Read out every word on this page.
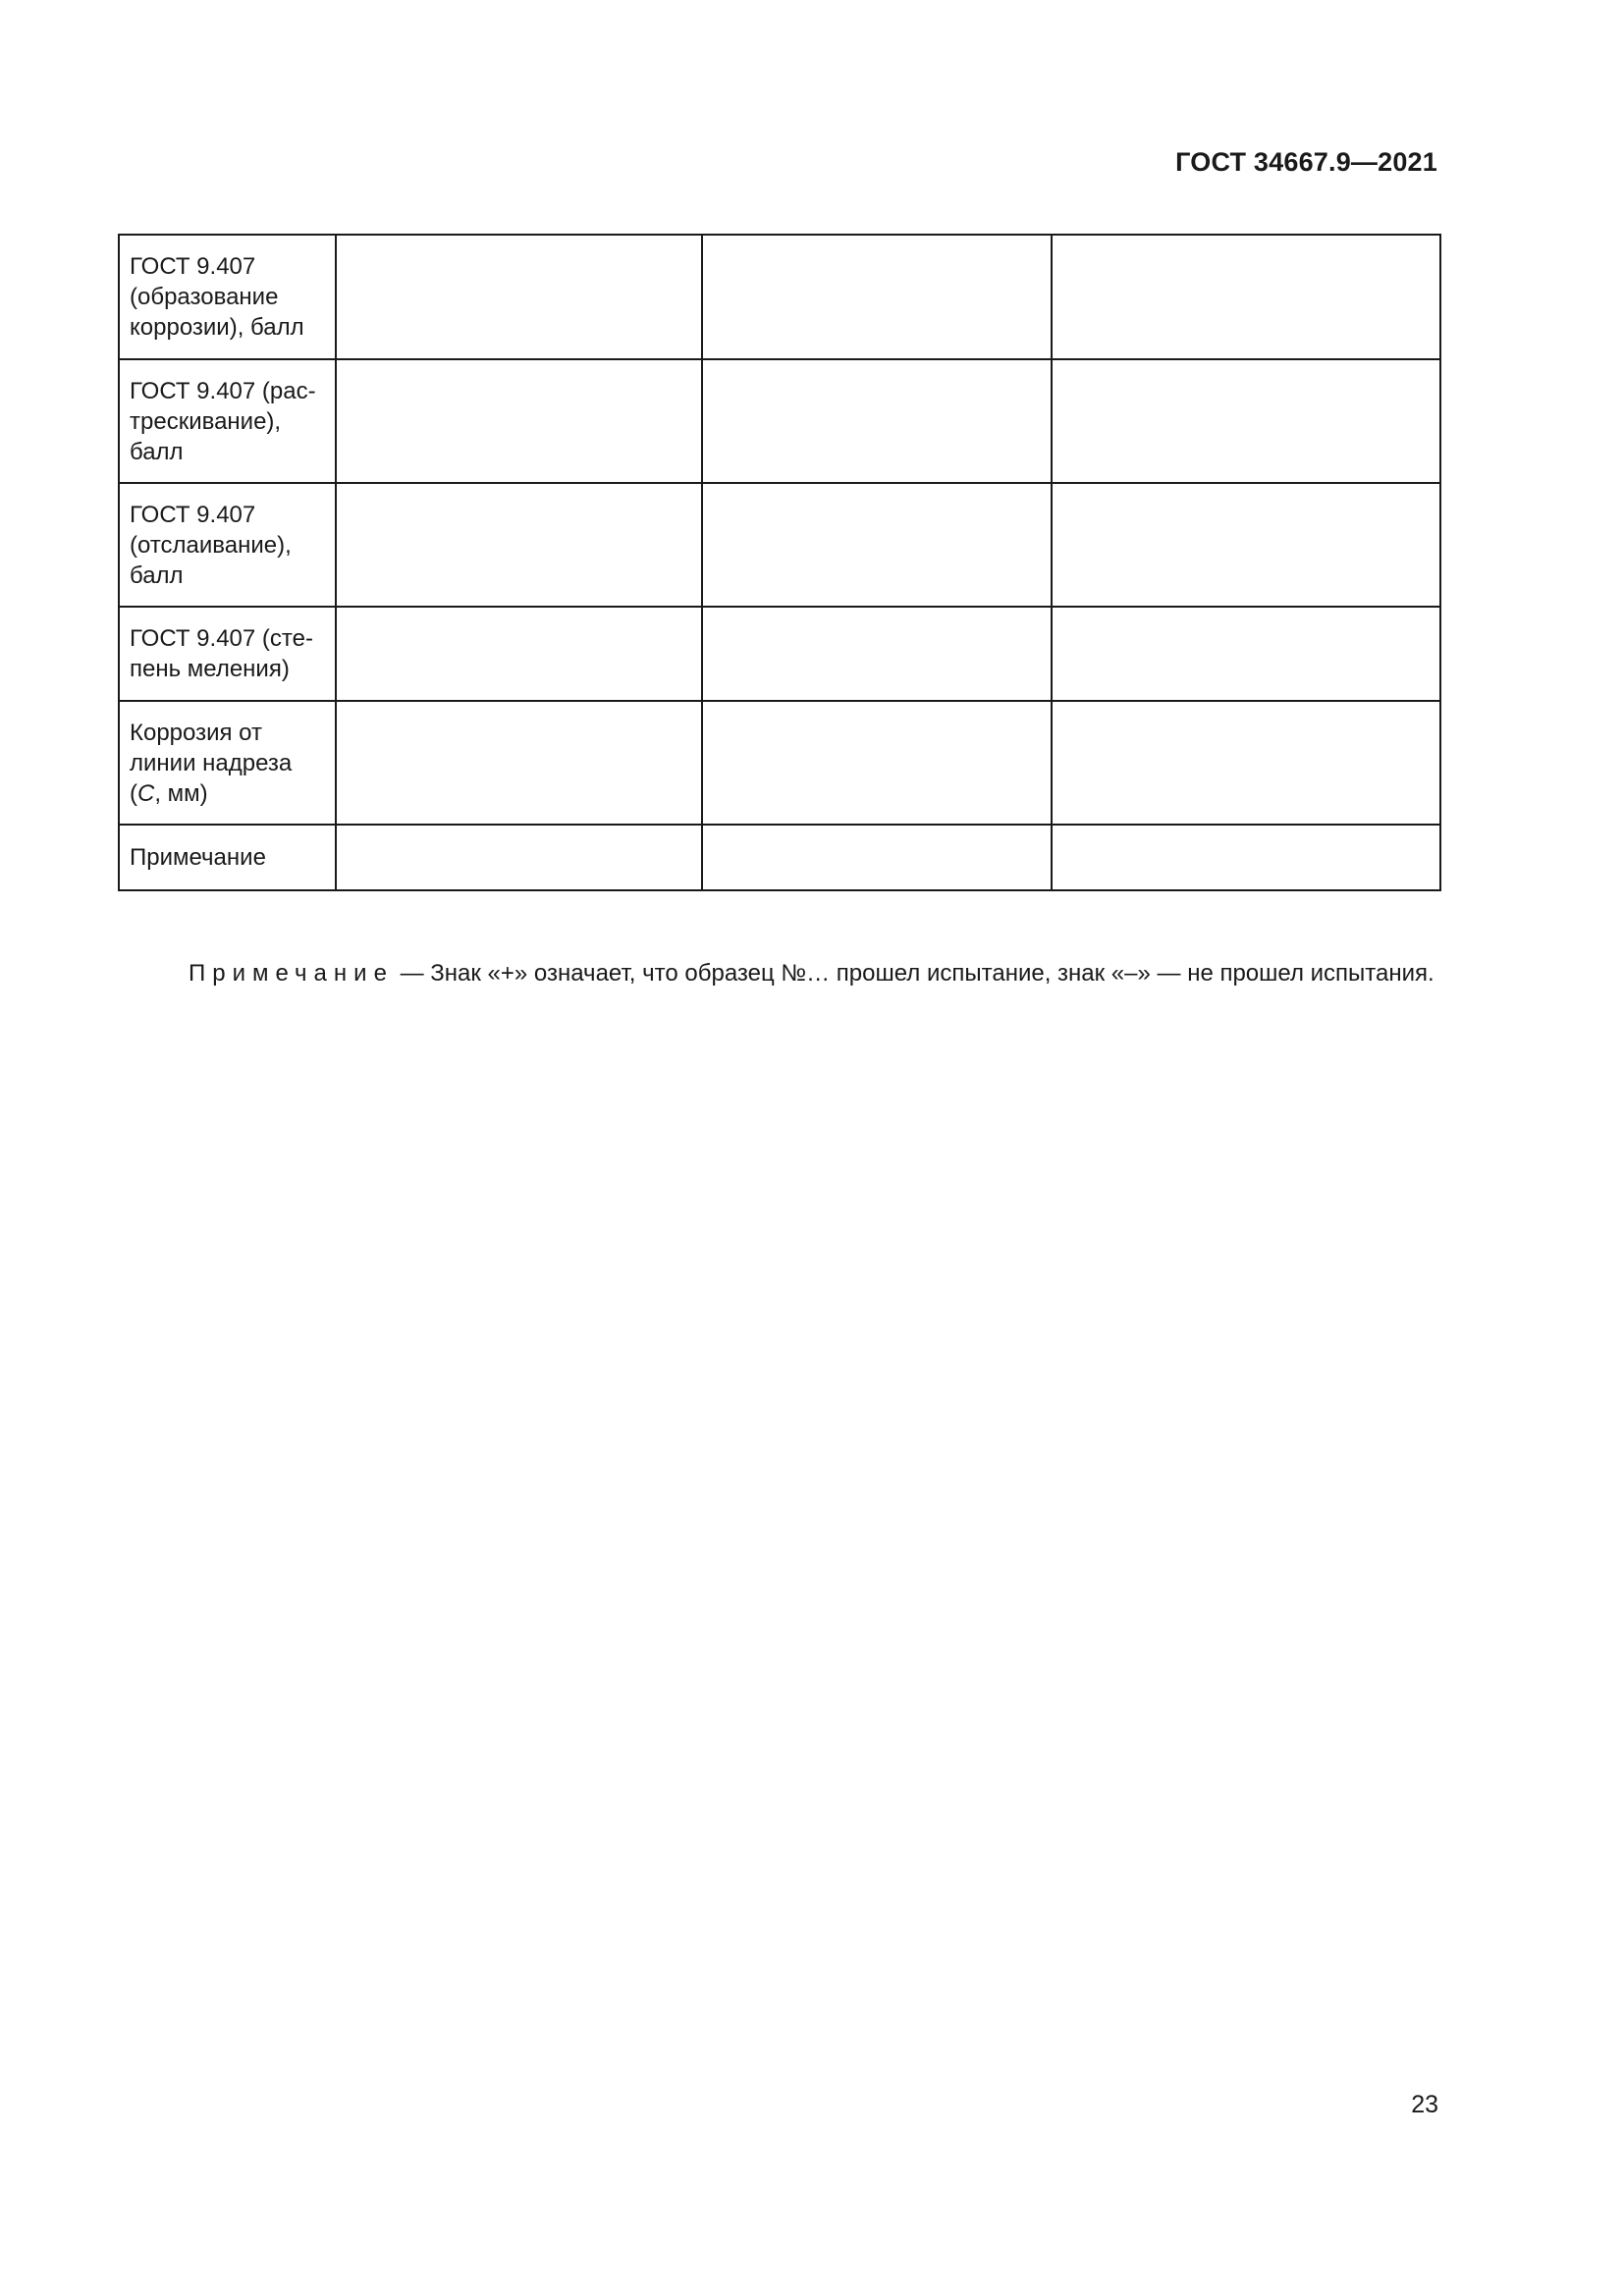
ГОСТ 34667.9—2021
ГОСТ 9.407
(образование
коррозии), балл			

ГОСТ 9.407 (рас-
трескивание),
балл			

ГОСТ 9.407
(отслаивание),
балл			

ГОСТ 9.407 (сте-
пень меления)			

Коррозия от
линии надреза
(C, мм)			

Примечание			

Примечание — Знак «+» означает, что образец №… прошел испытание, знак «–» — не прошел испытания.

23
